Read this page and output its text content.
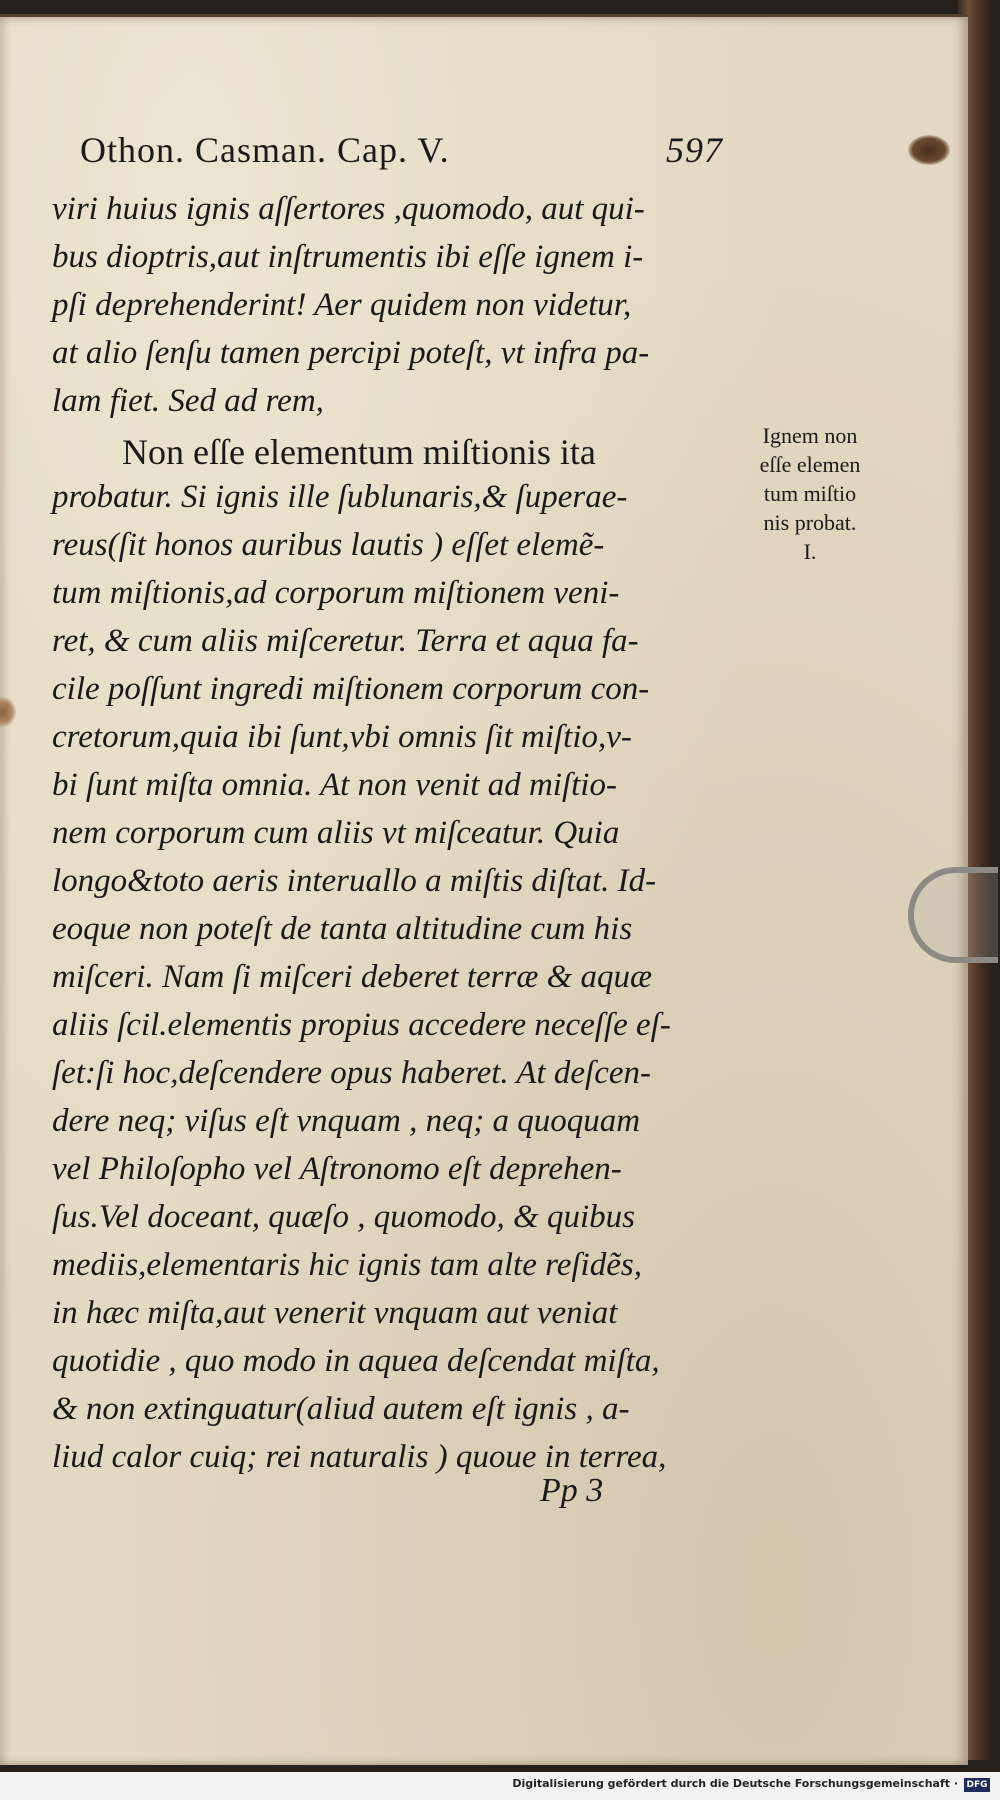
Othon. Casman. Cap. V.	597
viri huius ignis aſſertores ,quomodo, aut qui-
bus dioptris,aut inſtrumentis ibi eſſe ignem i-
pſi deprehenderint! Aer quidem non videtur,
at alio ſenſu tamen percipi poteſt, vt infra pa-
lam fiet. Sed ad rem,
Non eſſe elementum miſtionis ita
probatur. Si ignis ille ſublunaris,& ſuperae-
reus(ſit honos auribus lautis ) eſſet elemẽ-
tum miſtionis,ad corporum miſtionem veni-
ret, & cum aliis miſceretur. Terra et aqua fa-
cile poſſunt ingredi miſtionem corporum con-
cretorum,quia ibi ſunt,vbi omnis ſit miſtio,v-
bi ſunt miſta omnia. At non venit ad miſtio-
nem corporum cum aliis vt miſceatur. Quia
longo&toto aeris interuallo a miſtis diſtat. Id-
eoque non poteſt de tanta altitudine cum his
miſceri. Nam ſi miſceri deberet terræ & aquæ
aliis ſcil.elementis propius accedere neceſſe eſ-
ſet:ſi hoc,deſcendere opus haberet. At deſcen-
dere neq; viſus eſt vnquam , neq; a quoquam
vel Philoſopho vel Aſtronomo eſt deprehen-
ſus.Vel doceant, quæſo , quomodo, & quibus
mediis,elementaris hic ignis tam alte reſidẽs,
in hæc miſta,aut venerit vnquam aut veniat
quotidie , quo modo in aquea deſcendat miſta,
& non extinguatur(aliud autem eſt ignis , a-
liud calor cuiq; rei naturalis ) quoue in terrea,
Ignem non
eſſe elemen
tum miſtio
nis probat.
I.
Pp 3
Digitalisierung gefördert durch die Deutsche Forschungsgemeinschaft · DFG
